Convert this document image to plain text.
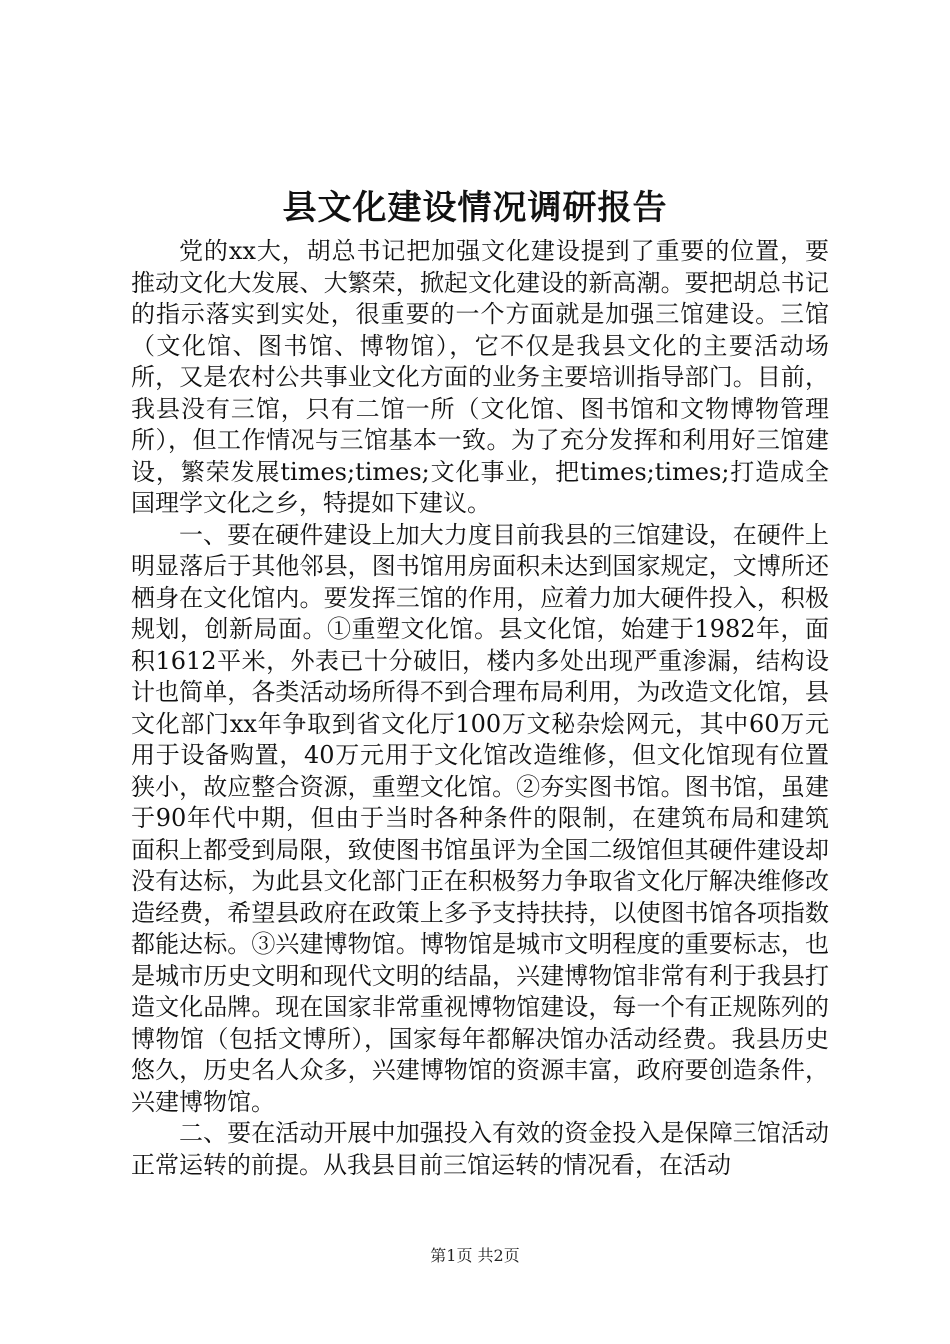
县文化建设情况调研报告

党的xx大，胡总书记把加强文化建设提到了重要的位置，要推动文化大发展、大繁荣，掀起文化建设的新高潮。要把胡总书记的指示落实到实处，很重要的一个方面就是加强三馆建设。三馆（文化馆、图书馆、博物馆），它不仅是我县文化的主要活动场所，又是农村公共事业文化方面的业务主要培训指导部门。目前，我县没有三馆，只有二馆一所（文化馆、图书馆和文物博物管理所），但工作情况与三馆基本一致。为了充分发挥和利用好三馆建设，繁荣发展times;times;文化事业，把times;times;打造成全国理学文化之乡，特提如下建议。

一、要在硬件建设上加大力度目前我县的三馆建设，在硬件上明显落后于其他邻县，图书馆用房面积未达到国家规定，文博所还栖身在文化馆内。要发挥三馆的作用，应着力加大硬件投入，积极规划，创新局面。①重塑文化馆。县文化馆，始建于1982年，面积1612平米，外表已十分破旧，楼内多处出现严重渗漏，结构设计也简单，各类活动场所得不到合理布局利用，为改造文化馆，县文化部门xx年争取到省文化厅100万文秘杂烩网元，其中60万元用于设备购置，40万元用于文化馆改造维修，但文化馆现有位置狭小，故应整合资源，重塑文化馆。②夯实图书馆。图书馆，虽建于90年代中期，但由于当时各种条件的限制，在建筑布局和建筑面积上都受到局限，致使图书馆虽评为全国二级馆但其硬件建设却没有达标，为此县文化部门正在积极努力争取省文化厅解决维修改造经费，希望县政府在政策上多予支持扶持，以使图书馆各项指数都能达标。③兴建博物馆。博物馆是城市文明程度的重要标志，也是城市历史文明和现代文明的结晶，兴建博物馆非常有利于我县打造文化品牌。现在国家非常重视博物馆建设，每一个有正规陈列的博物馆（包括文博所），国家每年都解决馆办活动经费。我县历史悠久，历史名人众多，兴建博物馆的资源丰富，政府要创造条件，兴建博物馆。

二、要在活动开展中加强投入有效的资金投入是保障三馆活动正常运转的前提。从我县目前三馆运转的情况看，在活动

第1页 共2页
